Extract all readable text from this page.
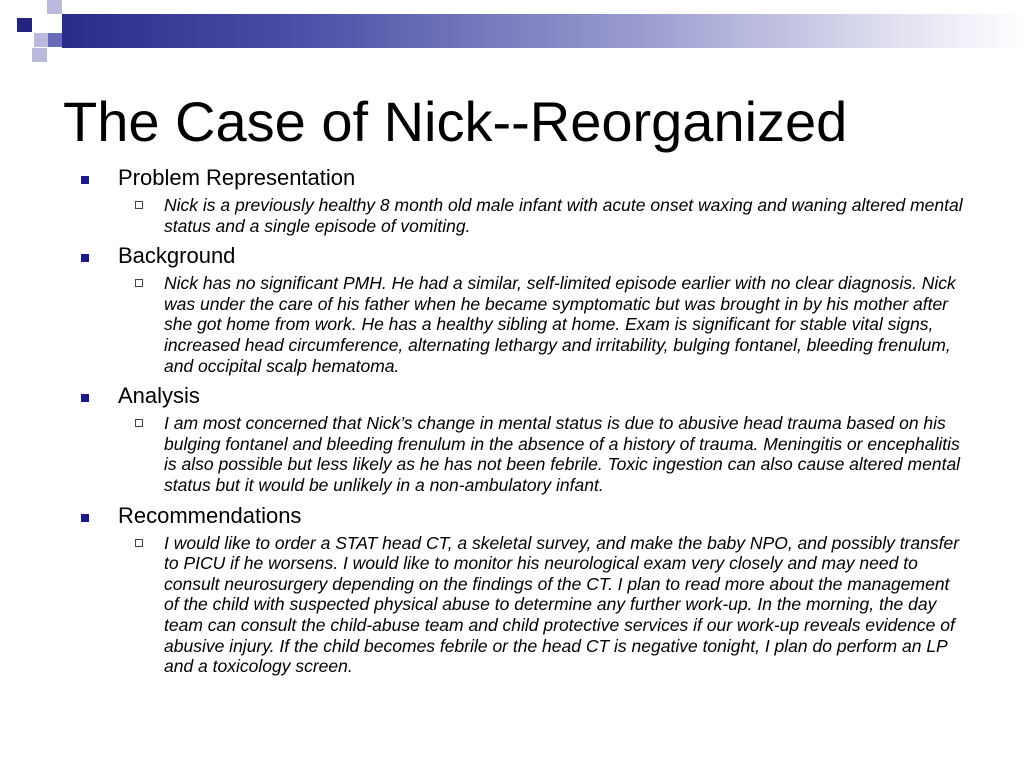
The Case of Nick--Reorganized
Problem Representation
Nick is a previously healthy 8 month old male infant with acute onset waxing and waning altered mental status and a single episode of vomiting.
Background
Nick has no significant PMH. He had a similar, self-limited episode earlier with no clear diagnosis. Nick was under the care of his father when he became symptomatic but was brought in by his mother after she got home from work. He has a healthy sibling at home. Exam is significant for stable vital signs, increased head circumference, alternating lethargy and irritability, bulging fontanel, bleeding frenulum, and occipital scalp hematoma.
Analysis
I am most concerned that Nick’s change in mental status is due to abusive head trauma based on his bulging fontanel and bleeding frenulum in the absence of a history of trauma. Meningitis or encephalitis is also possible but less likely as he has not been febrile. Toxic ingestion can also cause altered mental status but it would be unlikely in a non-ambulatory infant.
Recommendations
I would like to order a STAT head CT, a skeletal survey, and make the baby NPO, and possibly transfer to PICU if he worsens. I would like to monitor his neurological exam very closely and may need to consult neurosurgery depending on the findings of the CT. I plan to read more about the management of the child with suspected physical abuse to determine any further work-up. In the morning, the day team can consult the child-abuse team and child protective services if our work-up reveals evidence of abusive injury. If the child becomes febrile or the head CT is negative tonight, I plan do perform an LP and a toxicology screen.
